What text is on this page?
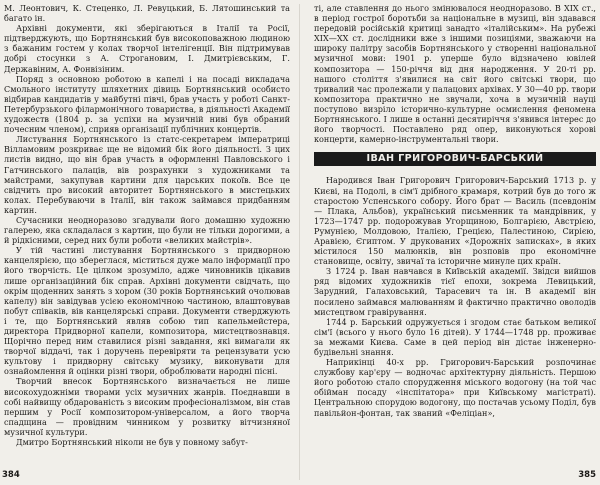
М. Леонтович, К. Стеценко, Л. Ревуцький, Б. Лятошинський та багато ін.

Архівні документи, які зберігаються в Італії та Росії, підтверджують, що Бортнянський був високоповажною людиною з бажаним гостем у колах творчої інтелігенції. Він підтримував добрі стосунки з А. Строгановим, І. Дмитрієвським, Г. Державіним, А. Фонвізіним.

Поряд з основною роботою в капелі і на посаді викладача Смольного інституту шляхетних дівиць Бортнянський особисто відбирав кандидатів у майбутні півчі, брав участь у роботі Санкт-Петербурзького філармонічного товариства, в діяльності Академії художеств (1804 р. за успіхи на музичній ниві був обраний почесним членом), сприяв організації публічних концертів.

Листування Бортнянського із статс-секретарем імператриці Вілламовим розкриває ще не відомий бік його діяльності. З цих листів видно, що він брав участь в оформленні Павловського і Гатчинського палаців, вів розрахунки з художниками та майстрами, закупував картини для царських покоїв. Все це свідчить про високий авторитет Бортнянського в мистецьких колах. Перебуваючи в Італії, він також займався придбанням картин.

Сучасники неодноразово згадували його домашню художню галерею, яка складалася з картин, що були не тільки дорогими, а й рідкісними, серед них були роботи «великих майстрів».

У тій частині листування Бортнянського з придворною канцелярією, що збереглася, міститься дуже мало інформації про його творчість. Це цілком зрозуміло, адже чиновників цікавив лише організаційний бік справ. Архівні документи свідчать, що окрім щоденних занять з хором (30 років Бортнянський очолював капелу) він завідував усією економічною частиною, влаштовував побут співаків, вів канцелярські справи. Документи стверджують і те, що Бортнянський являв собою тип капельмейстера, директора Придворної капели, композитора, мистецтвознавця. Щорічно перед ним ставилися різні завдання, які вимагали як творчої віддачі, так і доручень перевіряти та рецензувати усю культову і придворну світську музику, виконувати для ознайомлення й оцінки різні твори, оброблювати народні пісні.

Творчий внесок Бортнянського визначається не лише високохудожніми творами усіх музичних жанрів. Поєднавши в собі найвищу обдарованість з високим професіоналізмом, він став першим у Росії композитором-універсалом, а його творча спадщина — провідним чинником у розвитку вітчизняної музичної культури.

Дмитро Бортнянський ніколи не був у повному забут-

384

ті, але ставлення до нього змінювалося неодноразово. В XIX ст., в період гострої боротьби за національне в музиці, він здавався передовій російській критиці занадто «італійським». На рубежі XIX—XX ст. дослідники вже з іншими позиціями, зважаючи на широку палітру засобів Бортнянського у створенні національної музичної мови: 1901 р. уперше було відзначено ювілей композитора — 150-річчя від дня народження. У 20-ті рр. нашого століття з'явилися на світ його світські твори, що тривалий час пролежали у палацових архівах. У 30—40 рр. твори композитора практично не звучали, хоча в музичній науці поступово визріло історично-культурне осмислення феномена Бортнянського. І лише в останні десятиріччя з'явився інтерес до його творчості. Поставлено ряд опер, виконуються хорові концерти, камерно-інструментальні твори.

ІВАН ГРИГОРОВИЧ-БАРСЬКИЙ

Народився Іван Григорович Григорович-Барський 1713 р. у Києві, на Подолі, в сім'ї дрібного крамаря, котрий був до того ж старостою Успенського собору. Його брат — Василь (псевдонім — Плака, Альбов), український письменник та мандрівник, у 1723—1747 рр. подорожував Угорщиною, Болгарією, Австрією, Румунією, Молдовою, Італією, Грецією, Палестиною, Сирією, Аравією, Єгиптом. У друкованих «Дорожніх записках», в яких містилося 150 малюнків, він розповів про економічне становище, освіту, звичаї та історичне минуле цих країн.

З 1724 р. Іван навчався в Київській академії. Звідси вийшов ряд відомих художників тієї епохи, зокрема Левицький, Зарудний, Галаховський, Тарасевич та ін. В академії він посилено займався малюванням й фактично практично оволодів мистецтвом гравірування.

1744 р. Барський одружується і згодом стає батьком великої сім'ї (всього у нього було 16 дітей). У 1744—1748 рр. проживає за межами Києва. Саме в цей період він дістає інженерно-будівельні знання.

Наприкінці 40-х рр. Григорович-Барський розпочинає службову кар'єру — водночас архітектурну діяльність. Першою його роботою стало спорудження міського водогону (на той час обійман посаду «інспітатора» при Київському магістраті). Центральною спорудою водогону, що постачав усьому Поділ, був павільйон-фонтан, так званий «Феліціан»,

385
